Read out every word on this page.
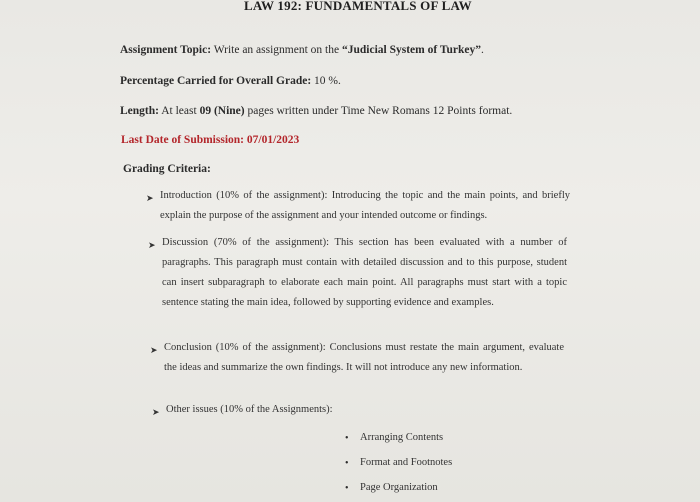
LAW 192: FUNDAMENTALS OF LAW
Assignment Topic: Write an assignment on the “Judicial System of Turkey”.
Percentage Carried for Overall Grade: 10 %.
Length: At least 09 (Nine) pages written under Time New Romans 12 Points format.
Last Date of Submission: 07/01/2023
Grading Criteria:
➤ Introduction (10% of the assignment): Introducing the topic and the main points, and briefly explain the purpose of the assignment and your intended outcome or findings.
➤ Discussion (70% of the assignment): This section has been evaluated with a number of paragraphs. This paragraph must contain with detailed discussion and to this purpose, student can insert subparagraph to elaborate each main point. All paragraphs must start with a topic sentence stating the main idea, followed by supporting evidence and examples.
➤ Conclusion (10% of the assignment): Conclusions must restate the main argument, evaluate the ideas and summarize the own findings. It will not introduce any new information.
➤ Other issues (10% of the Assignments):
• Arranging Contents
• Format and Footnotes
• Page Organization
